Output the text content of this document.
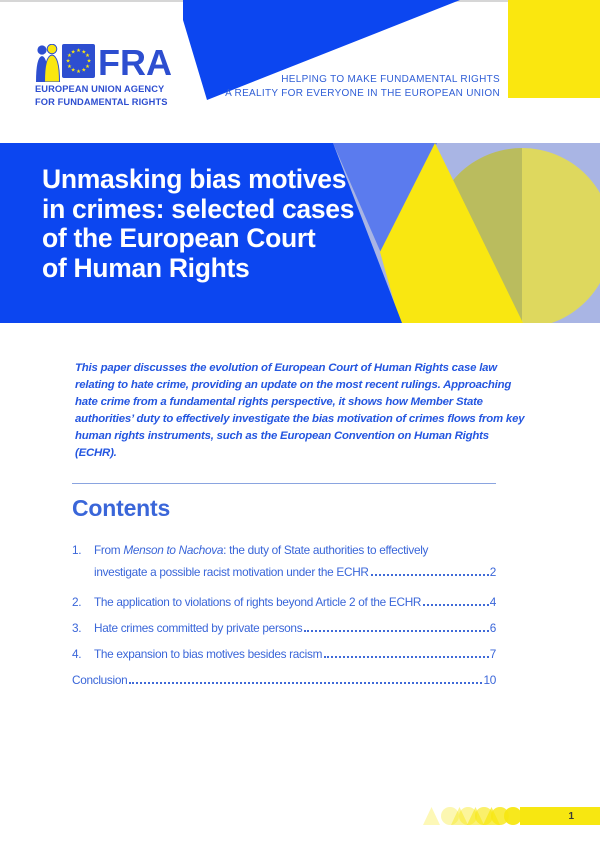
★ ★
★
★
★
★
★
★
★
★
★
★ FRA
EUROPEAN UNION AGENCY
FOR FUNDAMENTAL RIGHTS
HELPING TO MAKE FUNDAMENTAL RIGHTS
A REALITY FOR EVERYONE IN THE EUROPEAN UNION
Unmasking bias motives
in crimes: selected cases
of the European Court
of Human Rights
This paper discusses the evolution of European Court of Human Rights case law relating to hate crime, providing an update on the most recent rulings. Approaching hate crime from a fundamental rights perspective, it shows how Member State authorities’ duty to effectively investigate the bias motivation of crimes flows from key human rights instruments, such as the European Convention on Human Rights (ECHR).
Contents
1.	From Menson to Nachova: the duty of State authorities to effectively
investigate a possible racist motivation under the ECHR	2
2.	The application to violations of rights beyond Article 2 of the ECHR	4
3.	Hate crimes committed by private persons	6
4.	The expansion to bias motives besides racism	7
Conclusion	10
1
